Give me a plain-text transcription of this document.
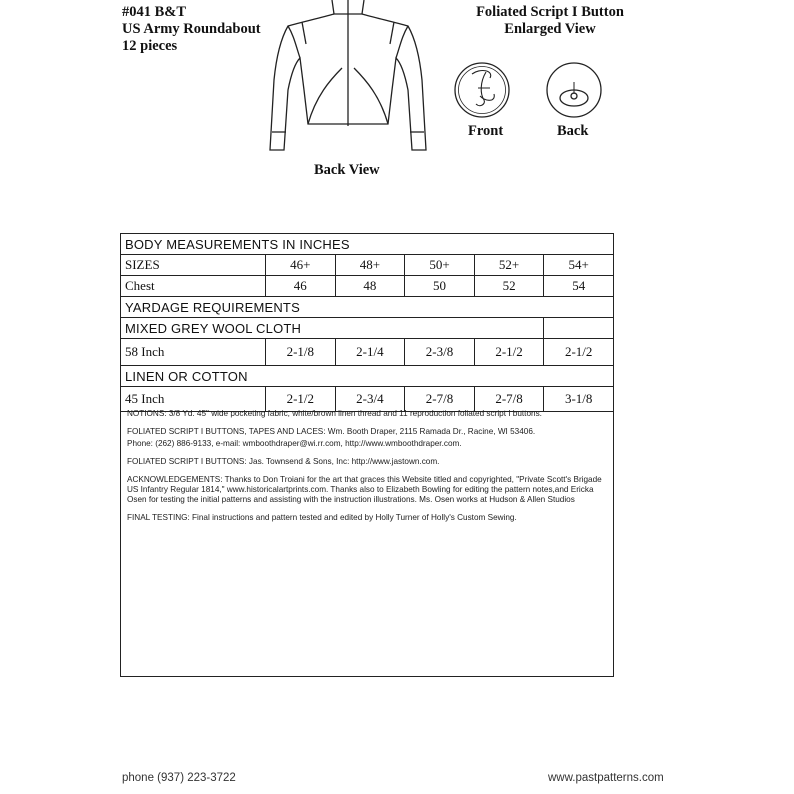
#041 B&T
US Army Roundabout
12 pieces
Foliated Script I Button
Enlarged View
Back View
Front	Back
BODY MEASUREMENTS IN INCHES					
SIZES	46+	48+	50+	52+	54+
Chest	46	48	50	52	54
YARDAGE REQUIREMENTS					
MIXED GREY WOOL CLOTH					
58 Inch	2-1/8	2-1/4	2-3/8	2-1/2	2-1/2
LINEN OR COTTON					
45 Inch	2-1/2	2-3/4	2-7/8	2-7/8	3-1/8

NOTIONS: 3/8 Yd. 45" wide pocketing fabric, white/brown linen thread and 11 reproduction foliated script I buttons.

FOLIATED SCRIPT I BUTTONS, TAPES AND LACES: Wm. Booth Draper, 2115 Ramada Dr., Racine, WI 53406.

Phone: (262) 886-9133, e-mail: wmboothdraper@wi.rr.com, http://www.wmboothdraper.com.

FOLIATED SCRIPT I BUTTONS: Jas. Townsend & Sons, Inc: http://www.jastown.com.

ACKNOWLEDGEMENTS: Thanks to Don Troiani for the art that graces this Website titled and copyrighted, "Private Scott's Brigade US Infantry Regular 1814," www.historicalartprints.com. Thanks also to Elizabeth Bowling for editing the pattern notes,and Ericka Osen for testing the initial patterns and assisting with the instruction illustrations. Ms. Osen works at Hudson & Allen Studios

FINAL TESTING: Final instructions and pattern tested and edited by Holly Turner of Holly's Custom Sewing.

phone (937) 223-3722	www.pastpatterns.com
